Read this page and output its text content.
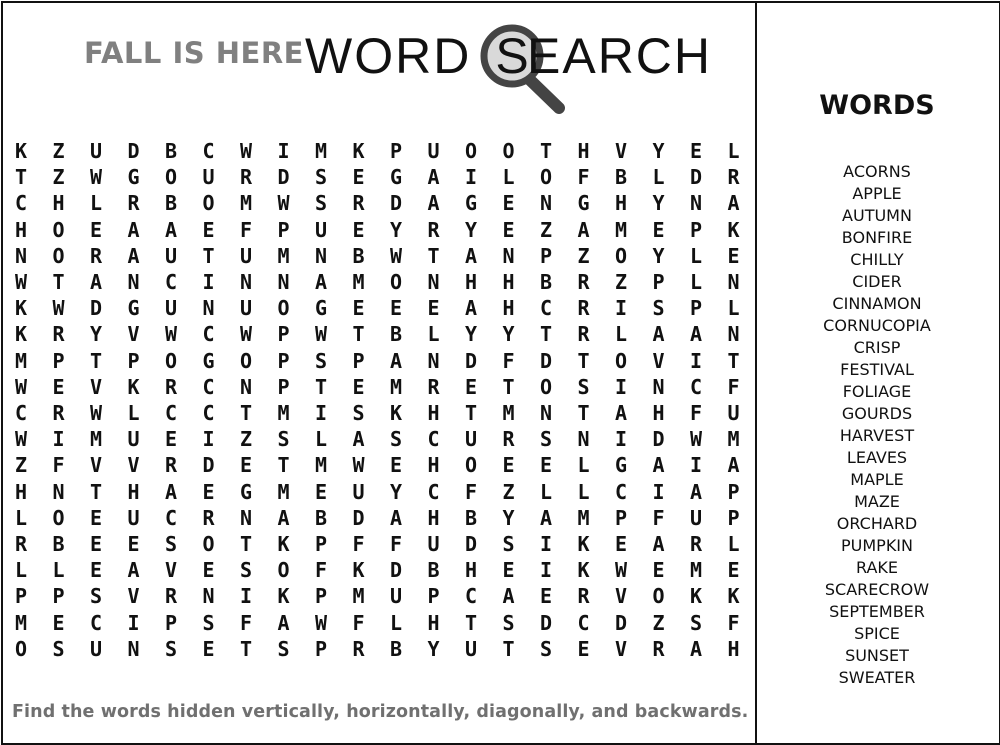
FALL IS HERE WORD S
EARCH
K	Z	U	D	B	C	W	I	M	K	P	U	O	O	T	H	V	Y	E	L
T	Z	W	G	O	U	R	D	S	E	G	A	I	L	O	F	B	L	D	R
C	H	L	R	B	O	M	W	S	R	D	A	G	E	N	G	H	Y	N	A
H	O	E	A	A	E	F	P	U	E	Y	R	Y	E	Z	A	M	E	P	K
N	O	R	A	U	T	U	M	N	B	W	T	A	N	P	Z	O	Y	L	E
W	T	A	N	C	I	N	N	A	M	O	N	H	H	B	R	Z	P	L	N
K	W	D	G	U	N	U	O	G	E	E	E	A	H	C	R	I	S	P	L
K	R	Y	V	W	C	W	P	W	T	B	L	Y	Y	T	R	L	A	A	N
M	P	T	P	O	G	O	P	S	P	A	N	D	F	D	T	O	V	I	T
W	E	V	K	R	C	N	P	T	E	M	R	E	T	O	S	I	N	C	F
C	R	W	L	C	C	T	M	I	S	K	H	T	M	N	T	A	H	F	U
W	I	M	U	E	I	Z	S	L	A	S	C	U	R	S	N	I	D	W	M
Z	F	V	V	R	D	E	T	M	W	E	H	O	E	E	L	G	A	I	A
H	N	T	H	A	E	G	M	E	U	Y	C	F	Z	L	L	C	I	A	P
L	O	E	U	C	R	N	A	B	D	A	H	B	Y	A	M	P	F	U	P
R	B	E	E	S	O	T	K	P	F	F	U	D	S	I	K	E	A	R	L
L	L	E	A	V	E	S	O	F	K	D	B	H	E	I	K	W	E	M	E
P	P	S	V	R	N	I	K	P	M	U	P	C	A	E	R	V	O	K	K
M	E	C	I	P	S	F	A	W	F	L	H	T	S	D	C	D	Z	S	F
O	S	U	N	S	E	T	S	P	R	B	Y	U	T	S	E	V	R	A	H
Find the words hidden vertically, horizontally, diagonally, and backwards.
WORDS
ACORNS
APPLE
AUTUMN
BONFIRE
CHILLY
CIDER
CINNAMON
CORNUCOPIA
CRISP
FESTIVAL
FOLIAGE
GOURDS
HARVEST
LEAVES
MAPLE
MAZE
ORCHARD
PUMPKIN
RAKE
SCARECROW
SEPTEMBER
SPICE
SUNSET
SWEATER
